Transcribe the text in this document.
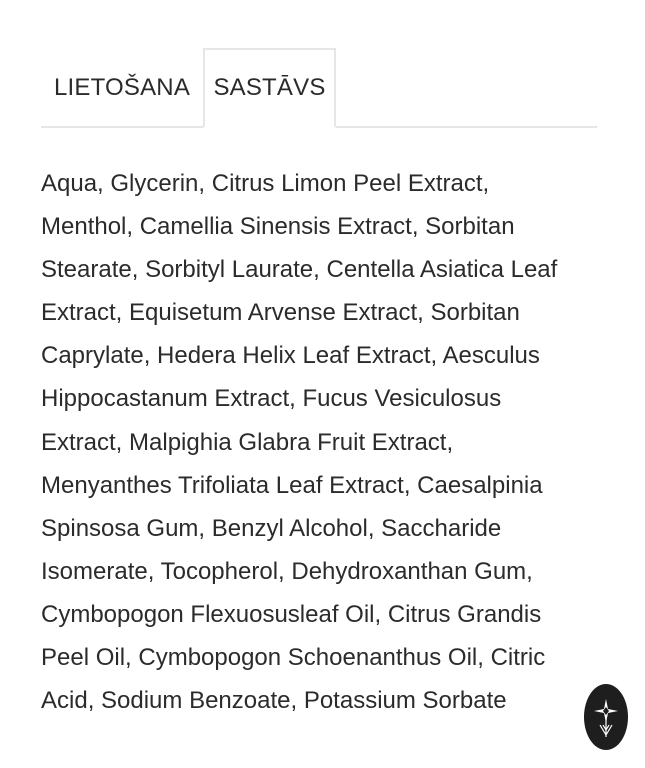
LIETOŠANA SASTĀVS

Aqua, Glycerin, Citrus Limon Peel Extract, Menthol, Camellia Sinensis Extract, Sorbitan Stearate, Sorbityl Laurate, Centella Asiatica Leaf Extract, Equisetum Arvense Extract, Sorbitan Caprylate, Hedera Helix Leaf Extract, Aesculus Hippocastanum Extract, Fucus Vesiculosus Extract, Malpighia Glabra Fruit Extract, Menyanthes Trifoliata Leaf Extract, Caesalpinia Spinsosa Gum, Benzyl Alcohol, Saccharide Isomerate, Tocopherol, Dehydroxanthan Gum, Cymbopogon Flexuosusleaf Oil, Citrus Grandis Peel Oil, Cymbopogon Schoenanthus Oil, Citric Acid, Sodium Benzoate, Potassium Sorbate
